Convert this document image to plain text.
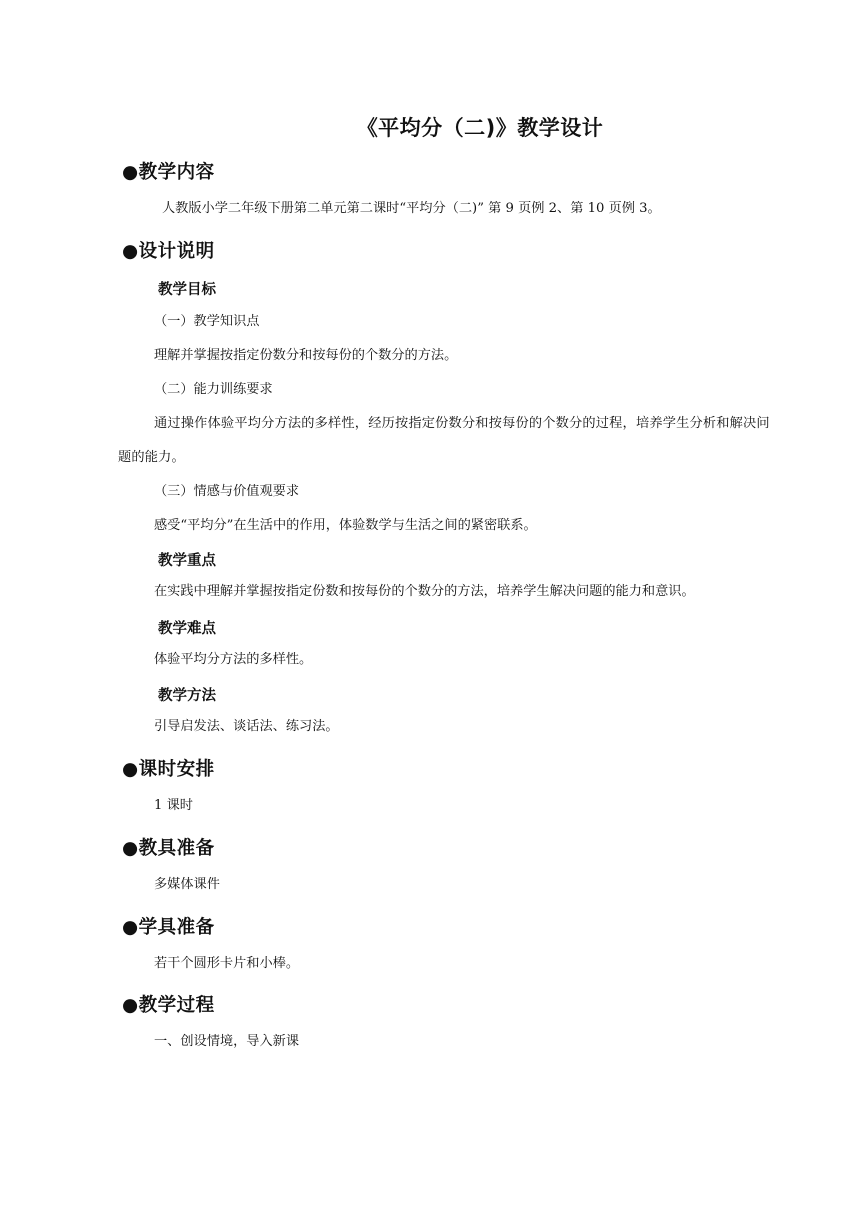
《平均分（二)》教学设计
●教学内容
人教版小学二年级下册第二单元第二课时“平均分（二)” 第 9 页例 2、第 10 页例 3。
●设计说明
教学目标
（一）教学知识点
理解并掌握按指定份数分和按每份的个数分的方法。
（二）能力训练要求
通过操作体验平均分方法的多样性，经历按指定份数分和按每份的个数分的过程，培养学生分析和解决问题的能力。
（三）情感与价值观要求
感受“平均分”在生活中的作用，体验数学与生活之间的紧密联系。
教学重点
在实践中理解并掌握按指定份数和按每份的个数分的方法，培养学生解决问题的能力和意识。
教学难点
体验平均分方法的多样性。
教学方法
引导启发法、谈话法、练习法。
●课时安排
1 课时
●教具准备
多媒体课件
●学具准备
若干个圆形卡片和小棒。
●教学过程
一、创设情境，导入新课
